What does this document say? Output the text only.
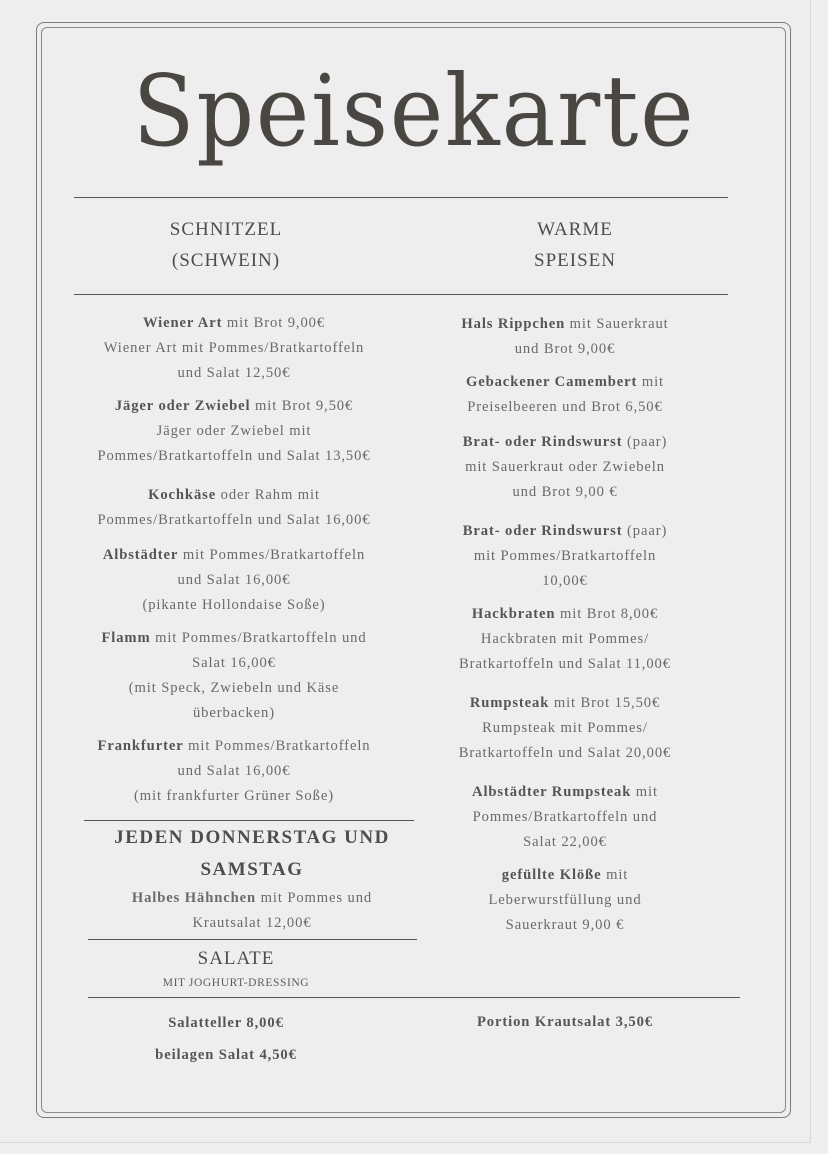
Speisekarte
SCHNITZEL
(SCHWEIN)
WARME
SPEISEN
Wiener Art mit Brot 9,00€
Wiener Art mit Pommes/Bratkartoffeln
und Salat 12,50€
Jäger oder Zwiebel mit Brot 9,50€
Jäger oder Zwiebel mit
Pommes/Bratkartoffeln und Salat 13,50€
Kochkäse oder Rahm mit
Pommes/Bratkartoffeln und Salat 16,00€
Albstädter mit Pommes/Bratkartoffeln
und Salat 16,00€
(pikante Hollondaise Soße)
Flamm mit Pommes/Bratkartoffeln und
Salat 16,00€
(mit Speck, Zwiebeln und Käse
überbacken)
Frankfurter mit Pommes/Bratkartoffeln
und Salat 16,00€
(mit frankfurter Grüner Soße)
JEDEN DONNERSTAG UND
SAMSTAG
Halbes Hähnchen mit Pommes und
Krautsalat 12,00€
SALATE
MIT JOGHURT-DRESSING
Salatteller 8,00€
beilagen Salat 4,50€
Portion Krautsalat 3,50€
Hals Rippchen mit Sauerkraut
und Brot 9,00€
Gebackener Camembert mit
Preiselbeeren und Brot 6,50€
Brat- oder Rindswurst (paar)
mit Sauerkraut oder Zwiebeln
und Brot 9,00 €
Brat- oder Rindswurst (paar)
mit Pommes/Bratkartoffeln
10,00€
Hackbraten mit Brot 8,00€
Hackbraten mit Pommes/
Bratkartoffeln und Salat 11,00€
Rumpsteak mit Brot 15,50€
Rumpsteak mit Pommes/
Bratkartoffeln und Salat 20,00€
Albstädter Rumpsteak mit
Pommes/Bratkartoffeln und
Salat 22,00€
gefüllte Klöße mit
Leberwurstfüllung und
Sauerkraut 9,00 €
